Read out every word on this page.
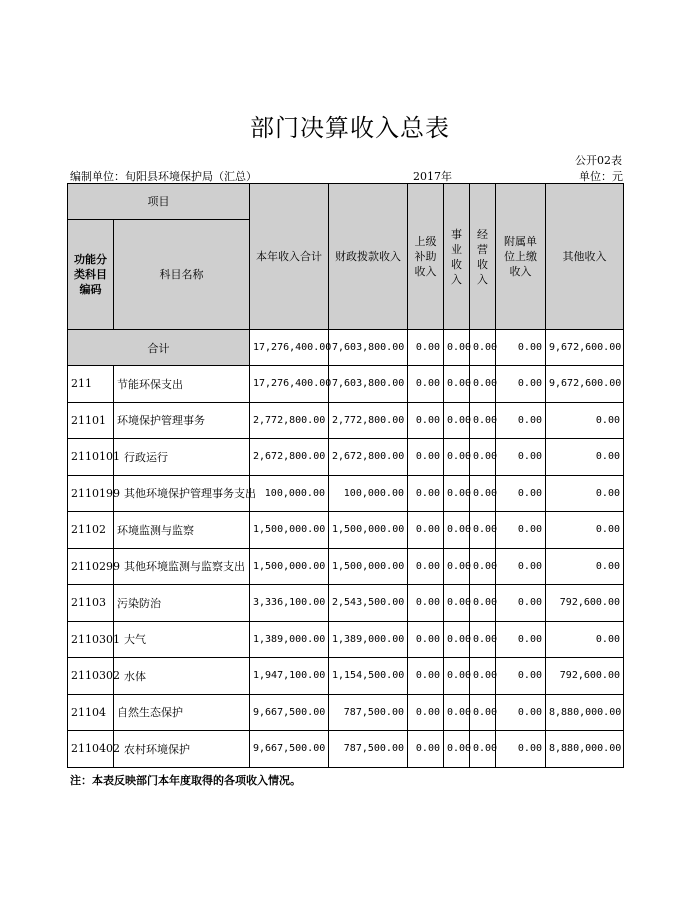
部门决算收入总表
公开02表
编制单位：旬阳县环境保护局（汇总）	2017年	单位：元
项目		本年收入合计	财政拨款收入	上级补助收入	事业收入	经营收入	附属单位上缴收入	其他收入
功能分类科目编码	科目名称							
合计		17,276,400.00	7,603,800.00	0.00	0.00	0.00	0.00	9,672,600.00
211	节能环保支出	17,276,400.00	7,603,800.00	0.00	0.00	0.00	0.00	9,672,600.00
21101	环境保护管理事务	2,772,800.00	2,772,800.00	0.00	0.00	0.00	0.00	0.00
2110101	行政运行	2,672,800.00	2,672,800.00	0.00	0.00	0.00	0.00	0.00
2110199	其他环境保护管理事务支出	100,000.00	100,000.00	0.00	0.00	0.00	0.00	0.00
21102	环境监测与监察	1,500,000.00	1,500,000.00	0.00	0.00	0.00	0.00	0.00
2110299	其他环境监测与监察支出	1,500,000.00	1,500,000.00	0.00	0.00	0.00	0.00	0.00
21103	污染防治	3,336,100.00	2,543,500.00	0.00	0.00	0.00	0.00	792,600.00
2110301	大气	1,389,000.00	1,389,000.00	0.00	0.00	0.00	0.00	0.00
2110302	水体	1,947,100.00	1,154,500.00	0.00	0.00	0.00	0.00	792,600.00
21104	自然生态保护	9,667,500.00	787,500.00	0.00	0.00	0.00	0.00	8,880,000.00
2110402	农村环境保护	9,667,500.00	787,500.00	0.00	0.00	0.00	0.00	8,880,000.00
注：本表反映部门本年度取得的各项收入情况。
